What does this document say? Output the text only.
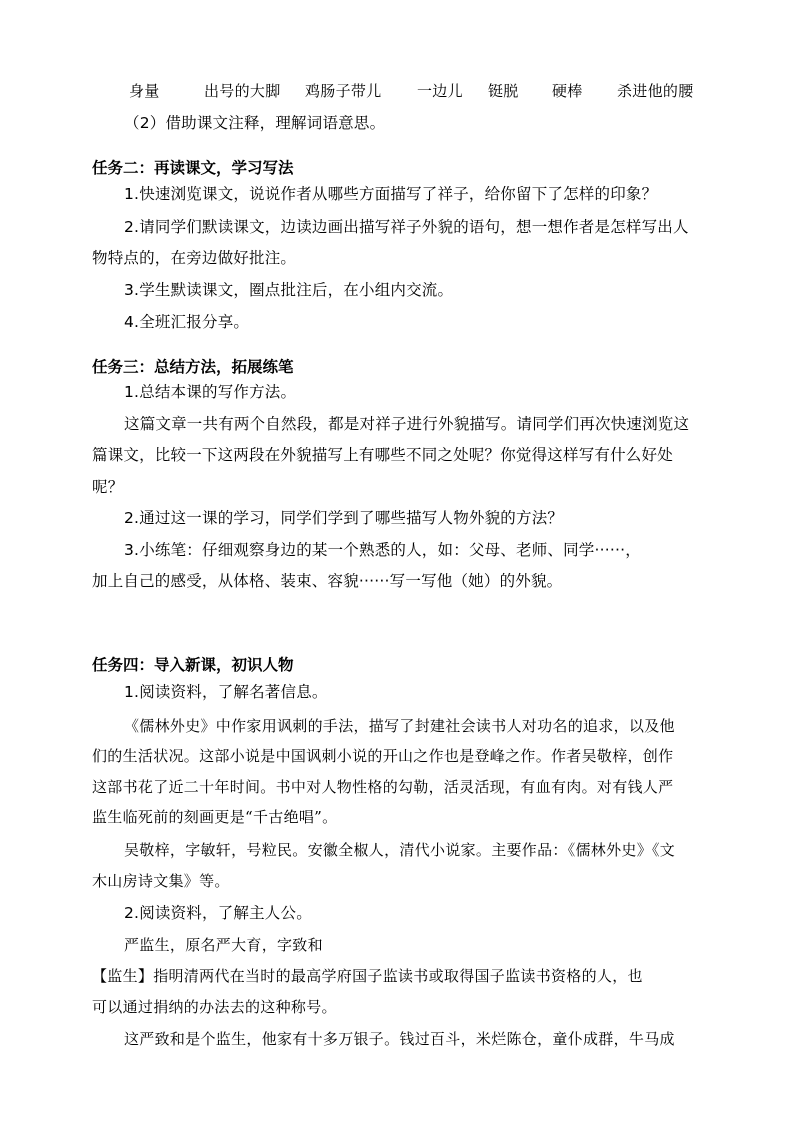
身量	出号的大脚 鸡肠子带儿 一边儿 铤脱 硬棒 杀进他的腰
（2）借助课文注释，理解词语意思。
任务二：再读课文，学习写法
1.快速浏览课文，说说作者从哪些方面描写了祥子，给你留下了怎样的印象？
2.请同学们默读课文，边读边画出描写祥子外貌的语句，想一想作者是怎样写出人
物特点的，在旁边做好批注。
3.学生默读课文，圈点批注后，在小组内交流。
4.全班汇报分享。
任务三：总结方法，拓展练笔
1.总结本课的写作方法。
这篇文章一共有两个自然段，都是对祥子进行外貌描写。请同学们再次快速浏览这
篇课文，比较一下这两段在外貌描写上有哪些不同之处呢？你觉得这样写有什么好处
呢？
2.通过这一课的学习，同学们学到了哪些描写人物外貌的方法？
3.小练笔：仔细观察身边的某一个熟悉的人，如：父母、老师、同学······，
加上自己的感受，从体格、装束、容貌······写一写他（她）的外貌。
任务四：导入新课，初识人物
1.阅读资料，了解名著信息。
《儒林外史》中作家用讽刺的手法，描写了封建社会读书人对功名的追求，以及他
们的生活状况。这部小说是中国讽刺小说的开山之作也是登峰之作。作者吴敬梓，创作
这部书花了近二十年时间。书中对人物性格的勾勒，活灵活现，有血有肉。对有钱人严
监生临死前的刻画更是“千古绝唱”。
吴敬梓，字敏轩，号粒民。安徽全椒人，清代小说家。主要作品：《儒林外史》《文
木山房诗文集》等。
2.阅读资料，了解主人公。
严监生，原名严大育，字致和
【监生】指明清两代在当时的最高学府国子监读书或取得国子监读书资格的人，也
可以通过捐纳的办法去的这种称号。
这严致和是个监生，他家有十多万银子。钱过百斗，米烂陈仓，童仆成群，牛马成
